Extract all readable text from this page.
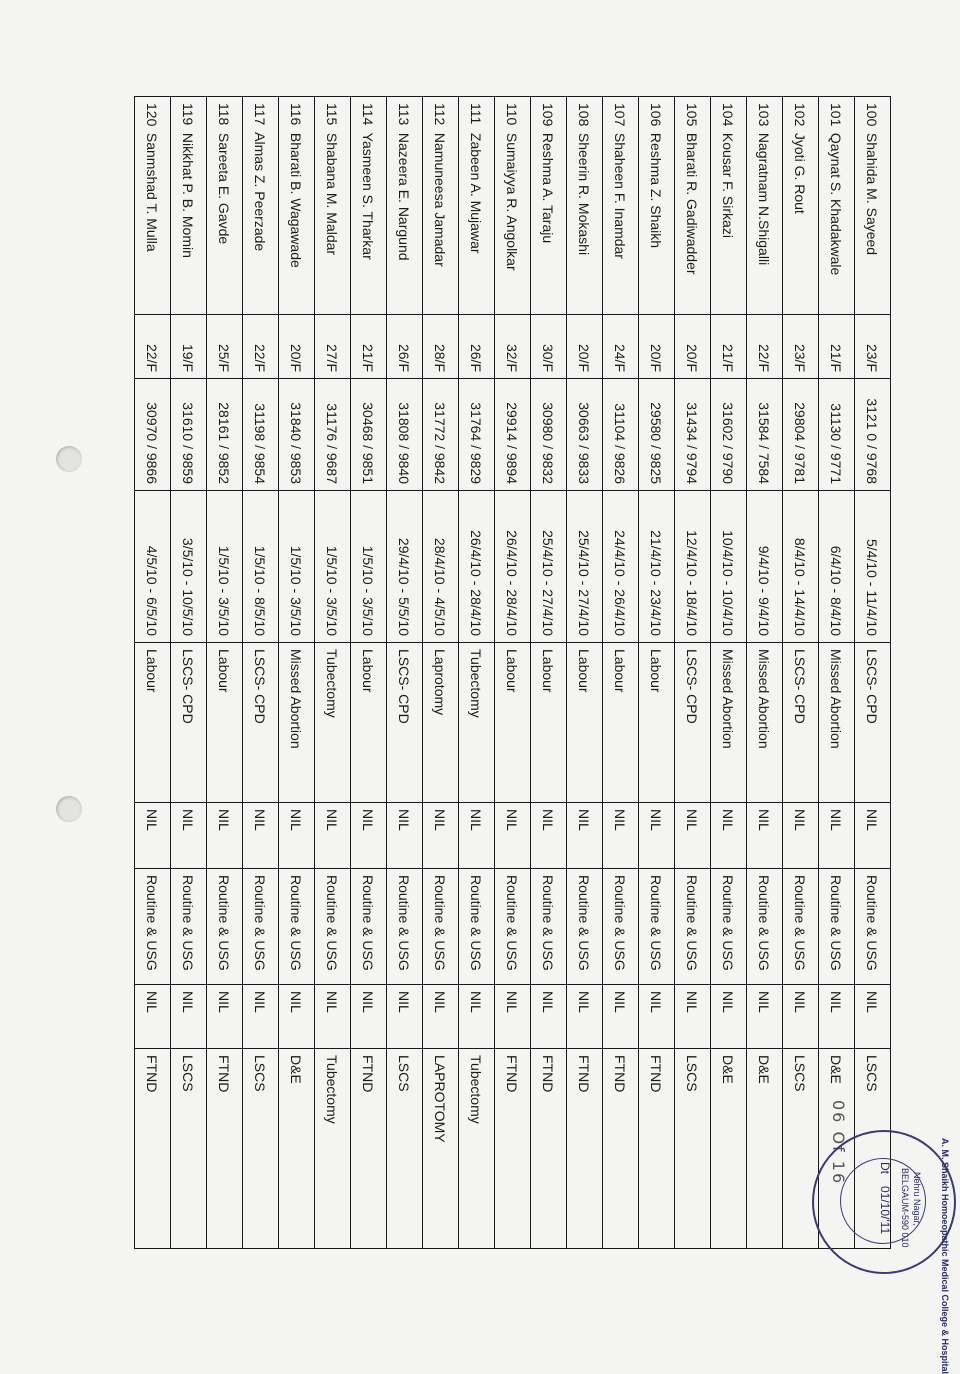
100 Shahida M. Sayeed	23/F	3121 0 / 9768	5/4/10 - 11/4/10	LSCS- CPD	NIL	Routine & USG	NIL	LSCS
101 Qaynat S. Khadakwale	21/F	31130 / 9771	6/4/10 - 8/4/10	Missed Abortion	NIL	Routine & USG	NIL	D&E
102 Jyoti G. Rout	23/F	29804 / 9781	8/4/10 - 14/4/10	LSCS- CPD	NIL	Routine & USG	NIL	LSCS
103 Nagratnam N.Shigalli	22/F	31584 / 7584	9/4/10 - 9/4/10	Missed Abortion	NIL	Routine & USG	NIL	D&E
104 Kousar F. Sirkazi	21/F	31602 / 9790	10/4/10 - 10/4/10	Missed Abortion	NIL	Routine & USG	NIL	D&E
105 Bharati R. Gadiwadder	20/F	31434 / 9794	12/4/10 - 18/4/10	LSCS- CPD	NIL	Routine & USG	NIL	LSCS
106 Reshma Z. Shaikh	20/F	29580 / 9825	21/4/10 - 23/4/10	Labour	NIL	Routine & USG	NIL	FTND
107 Shaheen F. Inamdar	24/F	31104 / 9826	24/4/10 - 26/4/10	Labour	NIL	Routine & USG	NIL	FTND
108 Sheerin R. Mokashi	20/F	30663 / 9833	25/4/10 - 27/4/10	Labour	NIL	Routine & USG	NIL	FTND
109 Reshma A. Taraju	30/F	30980 / 9832	25/4/10 - 27/4/10	Labour	NIL	Routine & USG	NIL	FTND
110 Sumaiyya R. Angolkar	32/F	29914 / 9894	26/4/10 - 28/4/10	Labour	NIL	Routine & USG	NIL	FTND
111 Zabeen A. Mujawar	26/F	31764 / 9829	26/4/10 - 28/4/10	Tubectomy	NIL	Routine & USG	NIL	Tubectomy
112 Namuneesa Jamadar	28/F	31772 / 9842	28/4/10 - 4/5/10	Laprotomy	NIL	Routine & USG	NIL	LAPROTOMY
113 Nazeera E. Nargund	26/F	31808 / 9840	29/4/10 - 5/5/10	LSCS- CPD	NIL	Routine & USG	NIL	LSCS
114 Yasmeen S. Tharkar	21/F	30468 / 9851	1/5/10 - 3/5/10	Labour	NIL	Routine & USG	NIL	FTND
115 Shabana M. Maldar	27/F	31176 / 9687	1/5/10 - 3/5/10	Tubectomy	NIL	Routine & USG	NIL	Tubectomy
116 Bharati B. Wagawade	20/F	31840 / 9853	1/5/10 - 3/5/10	Missed Abortion	NIL	Routine & USG	NIL	D&E
117 Almas Z. Peerzade	22/F	31198 / 9854	1/5/10 - 8/5/10	LSCS- CPD	NIL	Routine & USG	NIL	LSCS
118 Sareeta E. Gavde	25/F	28161 / 9852	1/5/10 - 3/5/10	Labour	NIL	Routine & USG	NIL	FTND
119 Nikkhat P. B. Momin	19/F	31610 / 9859	3/5/10 - 10/5/10	LSCS- CPD	NIL	Routine & USG	NIL	LSCS
120 Sanmshad T. Mulla	22/F	30970 / 9866	4/5/10 - 6/5/10	Labour	NIL	Routine & USG	NIL	FTND
06 Of 16	A. M. Shaikh Homoeopathic Medical College & Hospital
Nehru Nagar,
BELGAUM-590 010
Dt
01/10/'11
